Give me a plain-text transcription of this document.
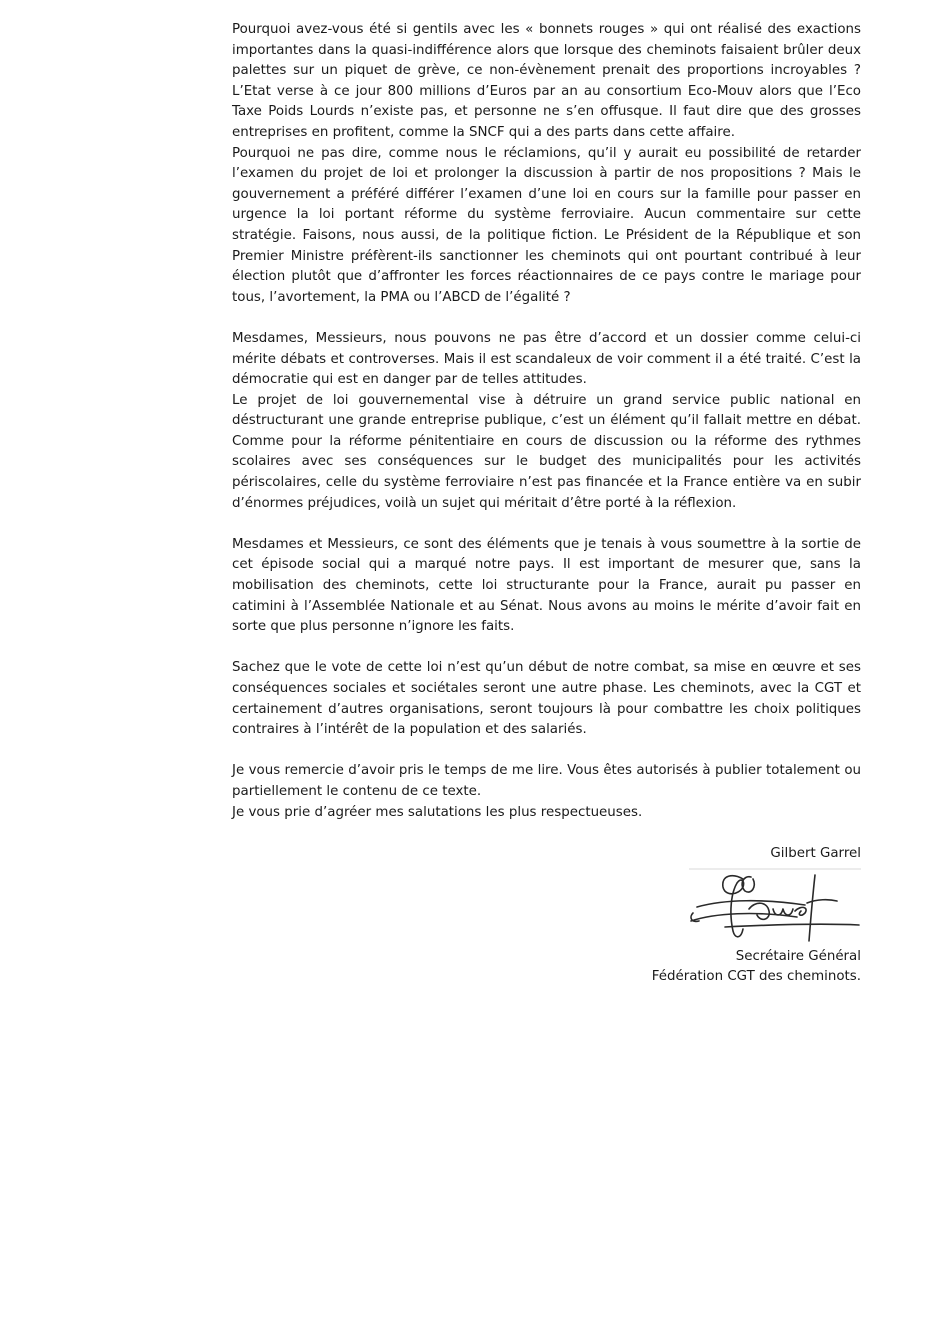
Pourquoi avez-vous été si gentils avec les « bonnets rouges » qui ont réalisé des exactions importantes dans la quasi-indifférence alors que lorsque des cheminots faisaient brûler deux palettes sur un piquet de grève, ce non-évènement prenait des proportions incroyables ? L’Etat verse à ce jour 800 millions d’Euros par an au consortium Eco-Mouv alors que l’Eco Taxe Poids Lourds n’existe pas, et personne ne s’en offusque. Il faut dire que des grosses entreprises en profitent, comme la SNCF qui a des parts dans cette affaire.

Pourquoi ne pas dire, comme nous le réclamions, qu’il y aurait eu possibilité de retarder l’examen du projet de loi et prolonger la discussion à partir de nos propositions ? Mais le gouvernement a préféré différer l’examen d’une loi en cours sur la famille pour passer en urgence la loi portant réforme du système ferroviaire. Aucun commentaire sur cette stratégie. Faisons, nous aussi, de la politique fiction. Le Président de la République et son Premier Ministre préfèrent-ils sanctionner les cheminots qui ont pourtant contribué à leur élection plutôt que d’affronter les forces réactionnaires de ce pays contre le mariage pour tous, l’avortement, la PMA ou l’ABCD de l’égalité ?

Mesdames, Messieurs, nous pouvons ne pas être d’accord et un dossier comme celui-ci mérite débats et controverses. Mais il est scandaleux de voir comment il a été traité. C’est la démocratie qui est en danger par de telles attitudes.

Le projet de loi gouvernemental vise à détruire un grand service public national en déstructurant une grande entreprise publique, c’est un élément qu’il fallait mettre en débat. Comme pour la réforme pénitentiaire en cours de discussion ou la réforme des rythmes scolaires avec ses conséquences sur le budget des municipalités pour les activités périscolaires, celle du système ferroviaire n’est pas financée et la France entière va en subir d’énormes préjudices, voilà un sujet qui méritait d’être porté à la réflexion.

Mesdames et Messieurs, ce sont des éléments que je tenais à vous soumettre à la sortie de cet épisode social qui a marqué notre pays. Il est important de mesurer que, sans la mobilisation des cheminots, cette loi structurante pour la France, aurait pu passer en catimini à l’Assemblée Nationale et au Sénat. Nous avons au moins le mérite d’avoir fait en sorte que plus personne n’ignore les faits.

Sachez que le vote de cette loi n’est qu’un début de notre combat, sa mise en œuvre et ses conséquences sociales et sociétales seront une autre phase. Les cheminots, avec la CGT et certainement d’autres organisations, seront toujours là pour combattre les choix politiques contraires à l’intérêt de la population et des salariés.

Je vous remercie d’avoir pris le temps de me lire. Vous êtes autorisés à publier totalement ou partiellement le contenu de ce texte.

Je vous prie d’agréer mes salutations les plus respectueuses.

Gilbert Garrel
Secrétaire Général
Fédération CGT des cheminots.
